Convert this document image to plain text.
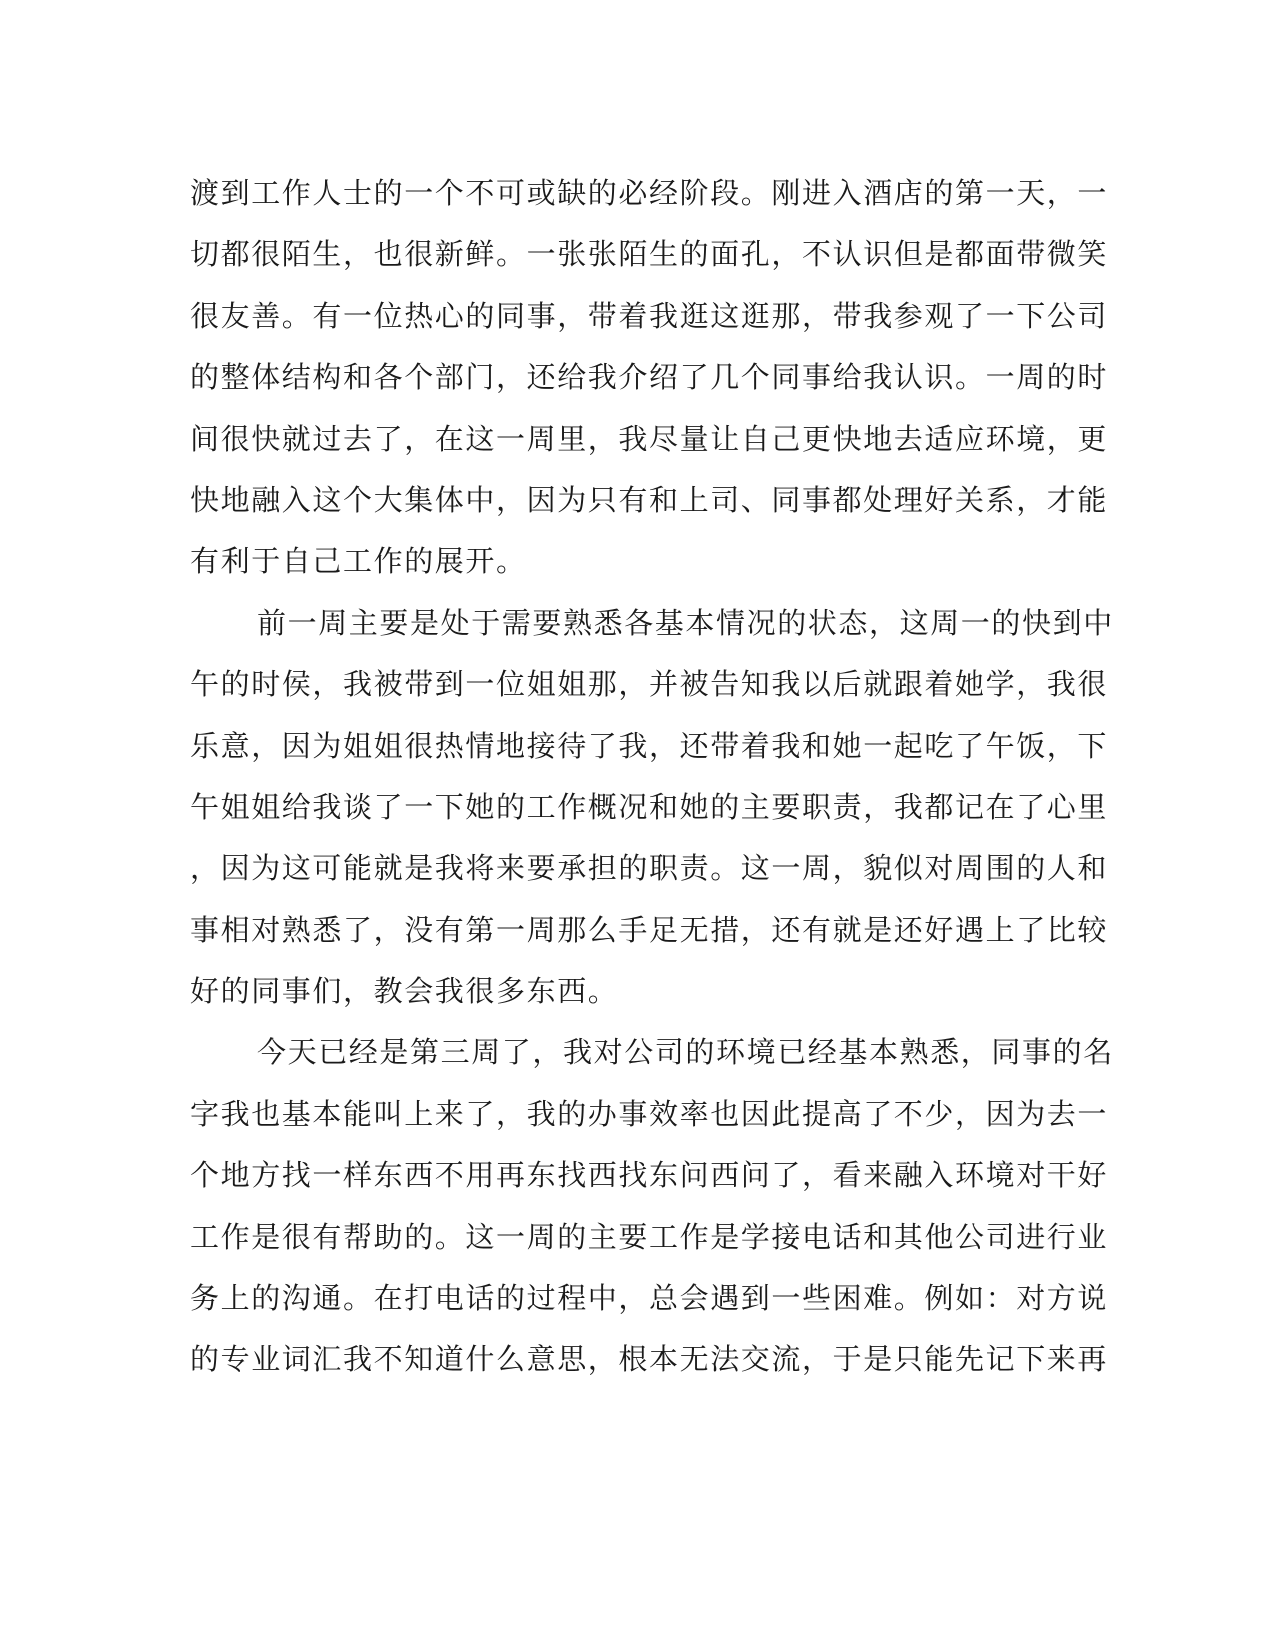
渡到工作人士的一个不可或缺的必经阶段。刚进入酒店的第一天，一
切都很陌生，也很新鲜。一张张陌生的面孔，不认识但是都面带微笑
很友善。有一位热心的同事，带着我逛这逛那，带我参观了一下公司
的整体结构和各个部门，还给我介绍了几个同事给我认识。一周的时
间很快就过去了，在这一周里，我尽量让自己更快地去适应环境，更
快地融入这个大集体中，因为只有和上司、同事都处理好关系，才能
有利于自己工作的展开。
前一周主要是处于需要熟悉各基本情况的状态，这周一的快到中
午的时侯，我被带到一位姐姐那，并被告知我以后就跟着她学，我很
乐意，因为姐姐很热情地接待了我，还带着我和她一起吃了午饭，下
午姐姐给我谈了一下她的工作概况和她的主要职责，我都记在了心里
，因为这可能就是我将来要承担的职责。这一周，貌似对周围的人和
事相对熟悉了，没有第一周那么手足无措，还有就是还好遇上了比较
好的同事们，教会我很多东西。
今天已经是第三周了，我对公司的环境已经基本熟悉，同事的名
字我也基本能叫上来了，我的办事效率也因此提高了不少，因为去一
个地方找一样东西不用再东找西找东问西问了，看来融入环境对干好
工作是很有帮助的。这一周的主要工作是学接电话和其他公司进行业
务上的沟通。在打电话的过程中，总会遇到一些困难。例如：对方说
的专业词汇我不知道什么意思，根本无法交流，于是只能先记下来再
